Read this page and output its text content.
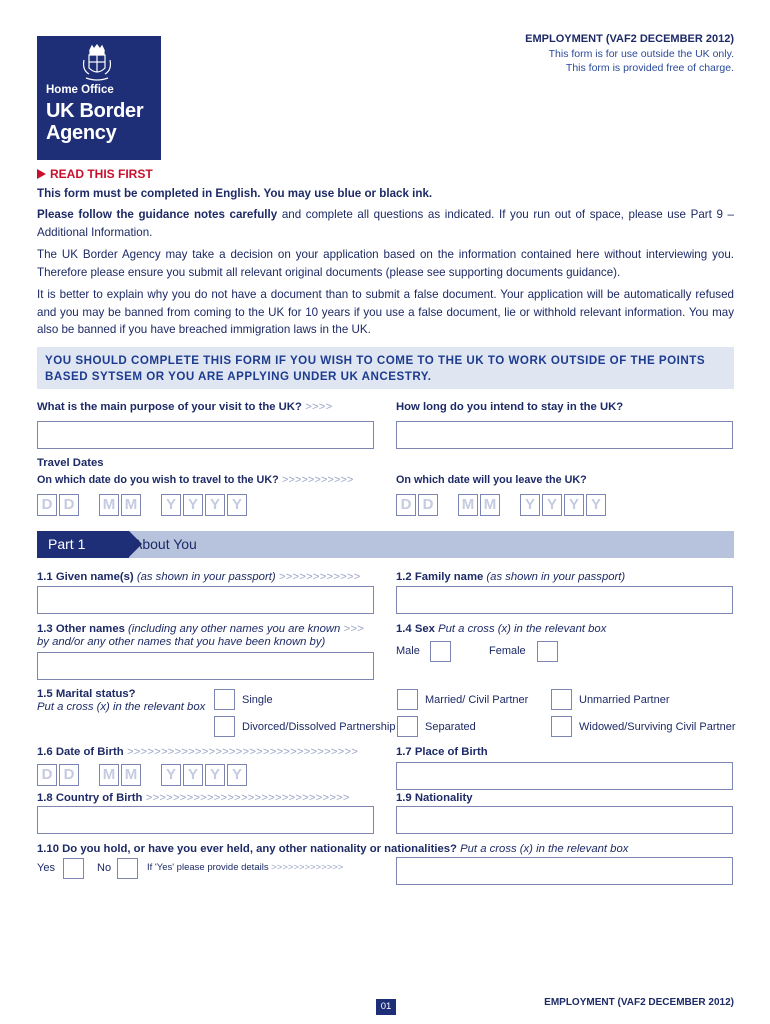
Home Office
UK Border
Agency
EMPLOYMENT (VAF2 DECEMBER 2012)
This form is for use outside the UK only.
This form is provided free of charge.
READ THIS FIRST
This form must be completed in English. You may use blue or black ink.
Please follow the guidance notes carefully and complete all questions as indicated. If you run out of space, please use Part 9 – Additional Information.
The UK Border Agency may take a decision on your application based on the information contained here without interviewing you. Therefore please ensure you submit all relevant original documents (please see supporting documents guidance).
It is better to explain why you do not have a document than to submit a false document. Your application will be automatically refused and you may be banned from coming to the UK for 10 years if you use a false document, lie or withhold relevant information. You may also be banned if you have breached immigration laws in the UK.
YOU SHOULD COMPLETE THIS FORM IF YOU WISH TO COME TO THE UK TO WORK OUTSIDE OF THE POINTS BASED SYTSEM OR YOU ARE APPLYING UNDER UK ANCESTRY.
What is the main purpose of your visit to the UK? >>>>	How long do you intend to stay in the UK?
Travel Dates
On which date do you wish to travel to the UK? >>>>>>>>>>>	On which date will you leave the UK?
D D	M M	Y Y Y Y	D D	M M	Y Y Y Y
Part 1	About You
1.1 Given name(s) (as shown in your passport) >>>>>>>>>>>>	1.2 Family name (as shown in your passport)
1.3 Other names (including any other names you are known >>>
by and/or any other names that you have been known by)
1.4 Sex Put a cross (x) in the relevant box
Male	Female
1.5 Marital status?
Put a cross (x) in the relevant box
Single	Married/ Civil Partner	Unmarried Partner
Divorced/Dissolved Partnership	Separated	Widowed/Surviving Civil Partner
1.6 Date of Birth >>>>>>>>>>>>>>>>>>>>>>>>>>>>>>>>>>	1.7 Place of Birth
D D	M M	Y Y Y Y
1.8 Country of Birth >>>>>>>>>>>>>>>>>>>>>>>>>>>>>>	1.9 Nationality
1.10 Do you hold, or have you ever held, any other nationality or nationalities? Put a cross (x) in the relevant box
Yes	No	If 'Yes' please provide details >>>>>>>>>>>>>
01	EMPLOYMENT (VAF2 DECEMBER 2012)
